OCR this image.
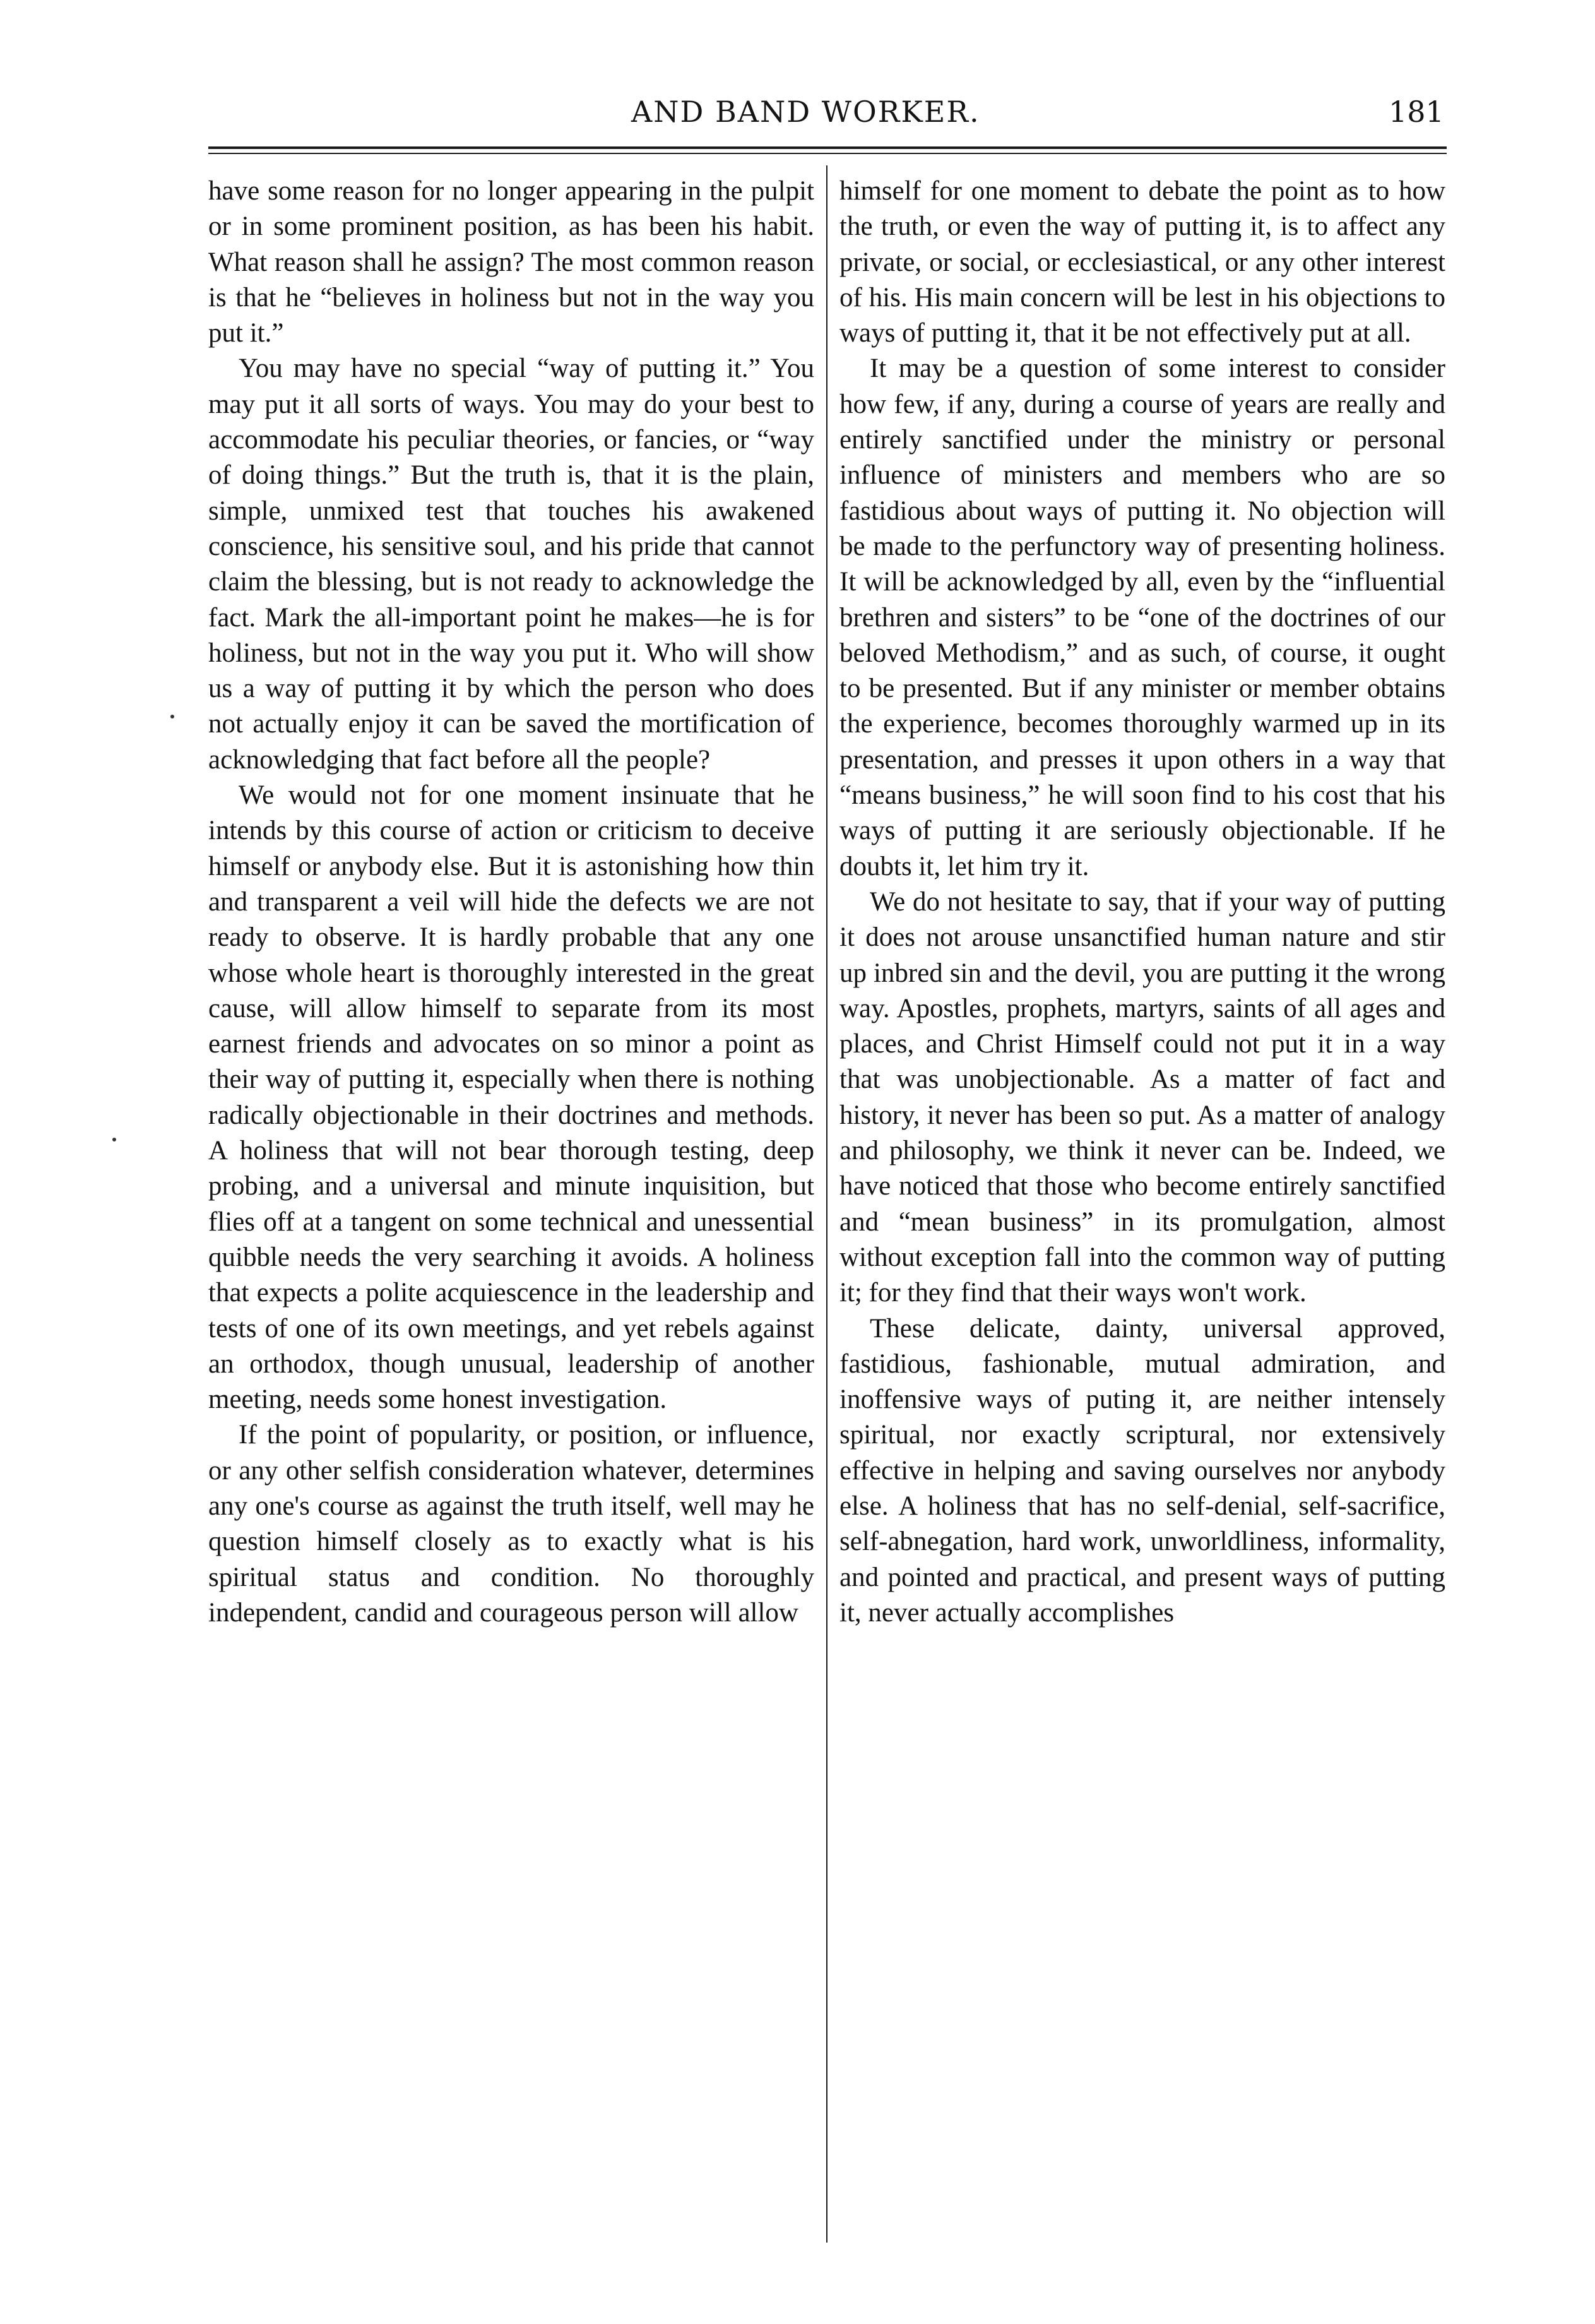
AND BAND WORKER.	181

have some reason for no longer appearing in the pulpit or in some prominent position, as has been his habit. What reason shall he assign? The most common reason is that he “believes in holiness but not in the way you put it.”

You may have no special “way of putting it.” You may put it all sorts of ways. You may do your best to accommodate his peculiar theories, or fancies, or “way of doing things.” But the truth is, that it is the plain, simple, unmixed test that touches his awakened conscience, his sensitive soul, and his pride that cannot claim the blessing, but is not ready to acknowledge the fact. Mark the all-important point he makes—he is for holiness, but not in the way you put it. Who will show us a way of putting it by which the person who does not actually enjoy it can be saved the mortification of acknowledging that fact before all the people?

We would not for one moment insinuate that he intends by this course of action or criticism to deceive himself or anybody else. But it is astonishing how thin and transparent a veil will hide the defects we are not ready to observe. It is hardly probable that any one whose whole heart is thoroughly interested in the great cause, will allow himself to separate from its most earnest friends and advocates on so minor a point as their way of putting it, especially when there is nothing radically objectionable in their doctrines and methods. A holiness that will not bear thorough testing, deep probing, and a universal and minute inquisition, but flies off at a tangent on some technical and unessential quibble needs the very searching it avoids. A holiness that expects a polite acquiescence in the leadership and tests of one of its own meetings, and yet rebels against an orthodox, though unusual, leadership of another meeting, needs some honest investigation.

If the point of popularity, or position, or influence, or any other selfish consideration whatever, determines any one's course as against the truth itself, well may he question himself closely as to exactly what is his spiritual status and condition. No thoroughly independent, candid and courageous person will allow

himself for one moment to debate the point as to how the truth, or even the way of putting it, is to affect any private, or social, or ecclesiastical, or any other interest of his. His main concern will be lest in his objections to ways of putting it, that it be not effectively put at all.

It may be a question of some interest to consider how few, if any, during a course of years are really and entirely sanctified under the ministry or personal influence of ministers and members who are so fastidious about ways of putting it. No objection will be made to the perfunctory way of presenting holiness. It will be acknowledged by all, even by the “influential brethren and sisters” to be “one of the doctrines of our beloved Methodism,” and as such, of course, it ought to be presented. But if any minister or member obtains the experience, becomes thoroughly warmed up in its presentation, and presses it upon others in a way that “means business,” he will soon find to his cost that his ways of putting it are seriously objectionable. If he doubts it, let him try it.

We do not hesitate to say, that if your way of putting it does not arouse unsanctified human nature and stir up inbred sin and the devil, you are putting it the wrong way. Apostles, prophets, martyrs, saints of all ages and places, and Christ Himself could not put it in a way that was unobjectionable. As a matter of fact and history, it never has been so put. As a matter of analogy and philosophy, we think it never can be. Indeed, we have noticed that those who become entirely sanctified and “mean business” in its promulgation, almost without exception fall into the common way of putting it; for they find that their ways won't work.

These delicate, dainty, universal approved, fastidious, fashionable, mutual admiration, and inoffensive ways of puting it, are neither intensely spiritual, nor exactly scriptural, nor extensively effective in helping and saving ourselves nor anybody else. A holiness that has no self-denial, self-sacrifice, self-abnegation, hard work, unworldliness, informality, and pointed and practical, and present ways of putting it, never actually accomplishes
